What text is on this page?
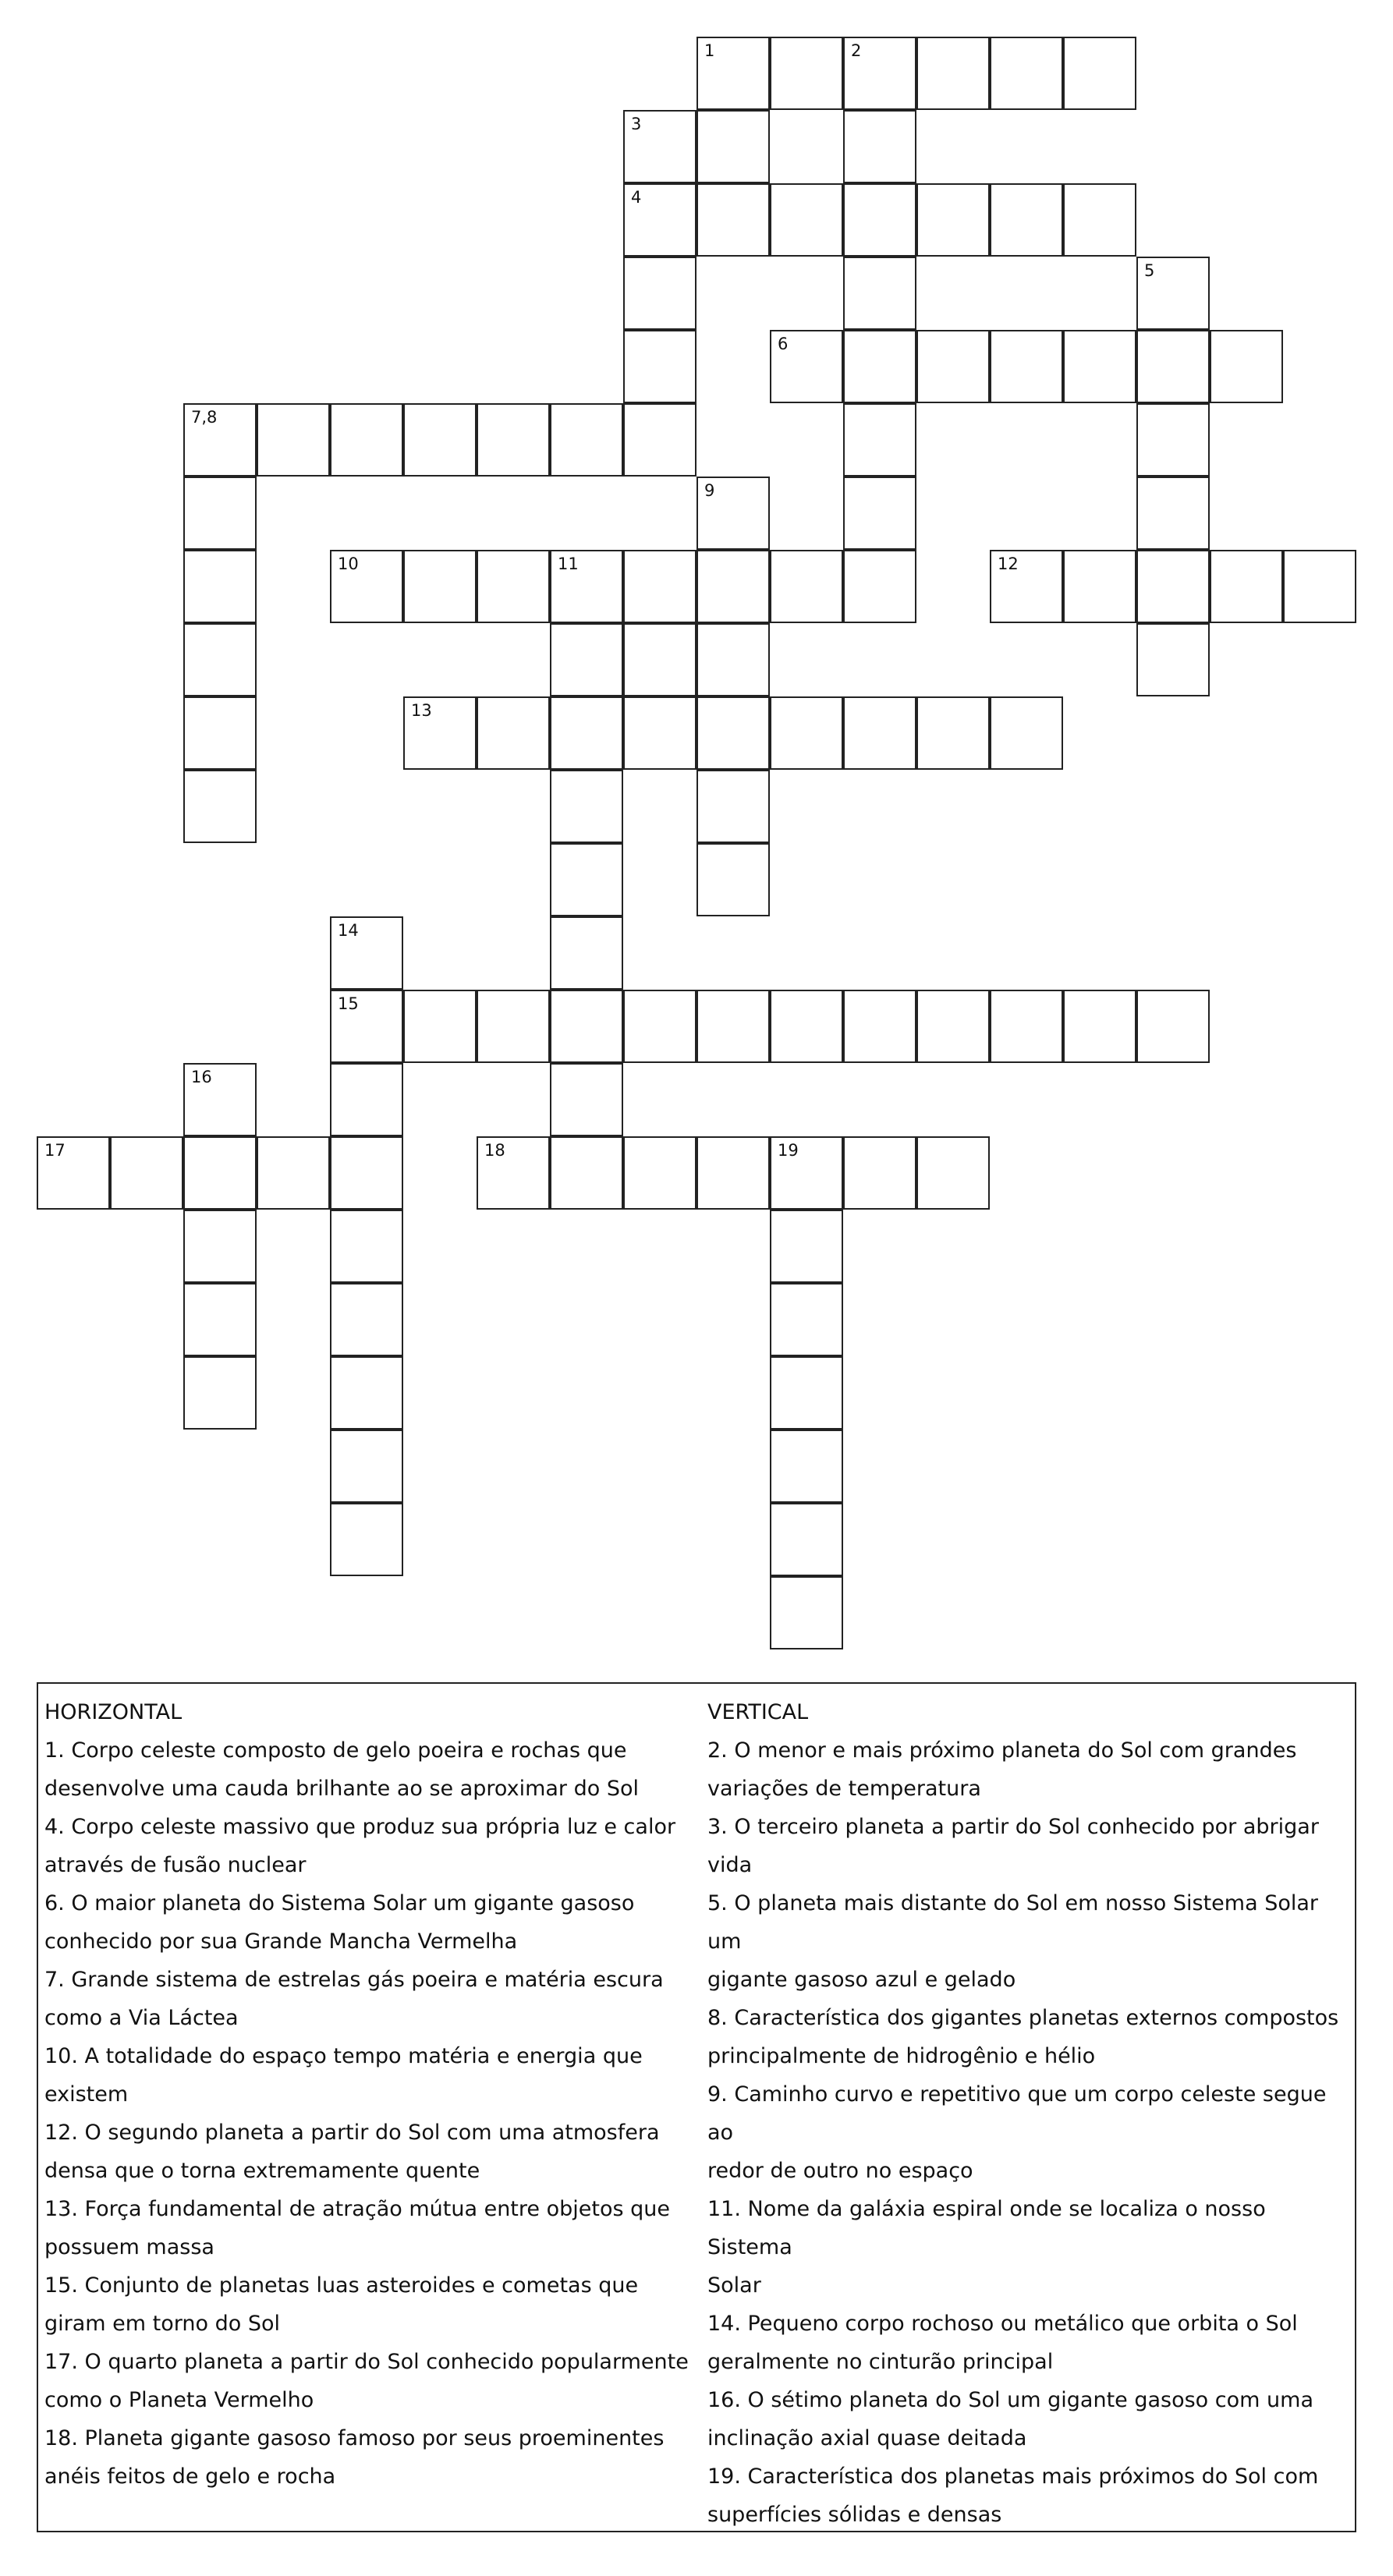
1	2
3
4
5
6
7,8
9
10	11	12
13
14
15
16
17	18	19
HORIZONTAL
1. Corpo celeste composto de gelo poeira e rochas que
desenvolve uma cauda brilhante ao se aproximar do Sol
4. Corpo celeste massivo que produz sua própria luz e calor
através de fusão nuclear
6. O maior planeta do Sistema Solar um gigante gasoso
conhecido por sua Grande Mancha Vermelha
7. Grande sistema de estrelas gás poeira e matéria escura
como a Via Láctea
10. A totalidade do espaço tempo matéria e energia que
existem
12. O segundo planeta a partir do Sol com uma atmosfera
densa que o torna extremamente quente
13. Força fundamental de atração mútua entre objetos que
possuem massa
15. Conjunto de planetas luas asteroides e cometas que
giram em torno do Sol
17. O quarto planeta a partir do Sol conhecido popularmente
como o Planeta Vermelho
18. Planeta gigante gasoso famoso por seus proeminentes
anéis feitos de gelo e rocha
VERTICAL
2. O menor e mais próximo planeta do Sol com grandes
variações de temperatura
3. O terceiro planeta a partir do Sol conhecido por abrigar
vida
5. O planeta mais distante do Sol em nosso Sistema Solar um
gigante gasoso azul e gelado
8. Característica dos gigantes planetas externos compostos
principalmente de hidrogênio e hélio
9. Caminho curvo e repetitivo que um corpo celeste segue ao
redor de outro no espaço
11. Nome da galáxia espiral onde se localiza o nosso Sistema
Solar
14. Pequeno corpo rochoso ou metálico que orbita o Sol
geralmente no cinturão principal
16. O sétimo planeta do Sol um gigante gasoso com uma
inclinação axial quase deitada
19. Característica dos planetas mais próximos do Sol com
superfícies sólidas e densas
